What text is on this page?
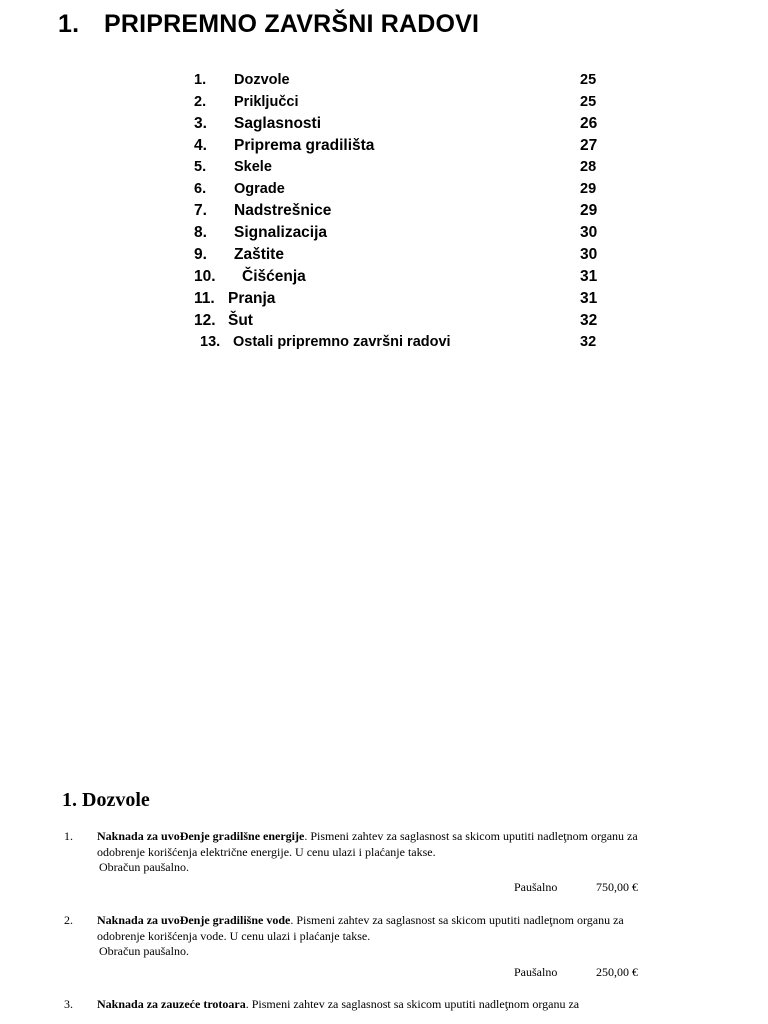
1. PRIPREMNO ZAVRŠNI RADOVI
1. Dozvole	25
2. Priključci	25
3. Saglasnosti	26
4. Priprema gradilišta	27
5. Skele	28
6. Ograde	29
7. Nadstrešnice	29
8. Signalizacija	30
9. Zaštite	30
10. Čišćenja	31
11. Pranja	31
12. Šut	32
13. Ostali pripremno završni radovi	32
1. Dozvole
1. Naknada za uvoĐenje gradilšne energije. Pismeni zahtev za saglasnost sa skicom uputiti nadleţnom organu za odobrenje korišćenja električne energije. U cenu ulazi i plaćanje takse.
Obračun paušalno.
Paušalno	750,00 €
2. Naknada za uvoĐenje gradilišne vode. Pismeni zahtev za saglasnost sa skicom uputiti nadleţnom organu za odobrenje korišćenja vode. U cenu ulazi i plaćanje takse.
Obračun paušalno.
Paušalno	250,00 €
3. Naknada za zauzeće trotoara. Pismeni zahtev za saglasnost sa skicom uputiti nadleţnom organu za
